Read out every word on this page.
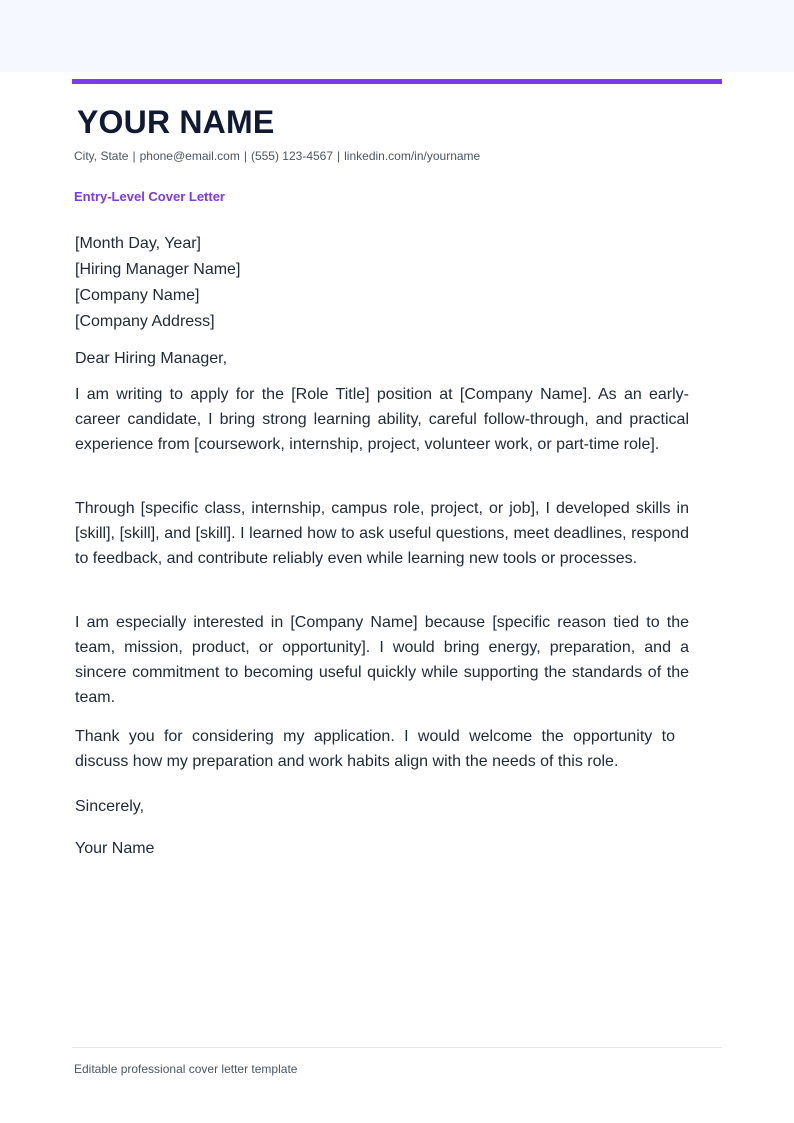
YOUR NAME
City, State | phone@email.com | (555) 123-4567 | linkedin.com/in/yourname
Entry-Level Cover Letter
[Month Day, Year]
[Hiring Manager Name]
[Company Name]
[Company Address]
Dear Hiring Manager,

I am writing to apply for the [Role Title] position at [Company Name]. As an early-career candidate, I bring strong learning ability, careful follow-through, and practical experience from [coursework, internship, project, volunteer work, or part-time role].

Through [specific class, internship, campus role, project, or job], I developed skills in [skill], [skill], and [skill]. I learned how to ask useful questions, meet deadlines, respond to feedback, and contribute reliably even while learning new tools or processes.

I am especially interested in [Company Name] because [specific reason tied to the team, mission, product, or opportunity]. I would bring energy, preparation, and a sincere commitment to becoming useful quickly while supporting the standards of the team.

Thank you for considering my application. I would welcome the opportunity to discuss how my preparation and work habits align with the needs of this role.

Sincerely,
Your Name
Editable professional cover letter template
